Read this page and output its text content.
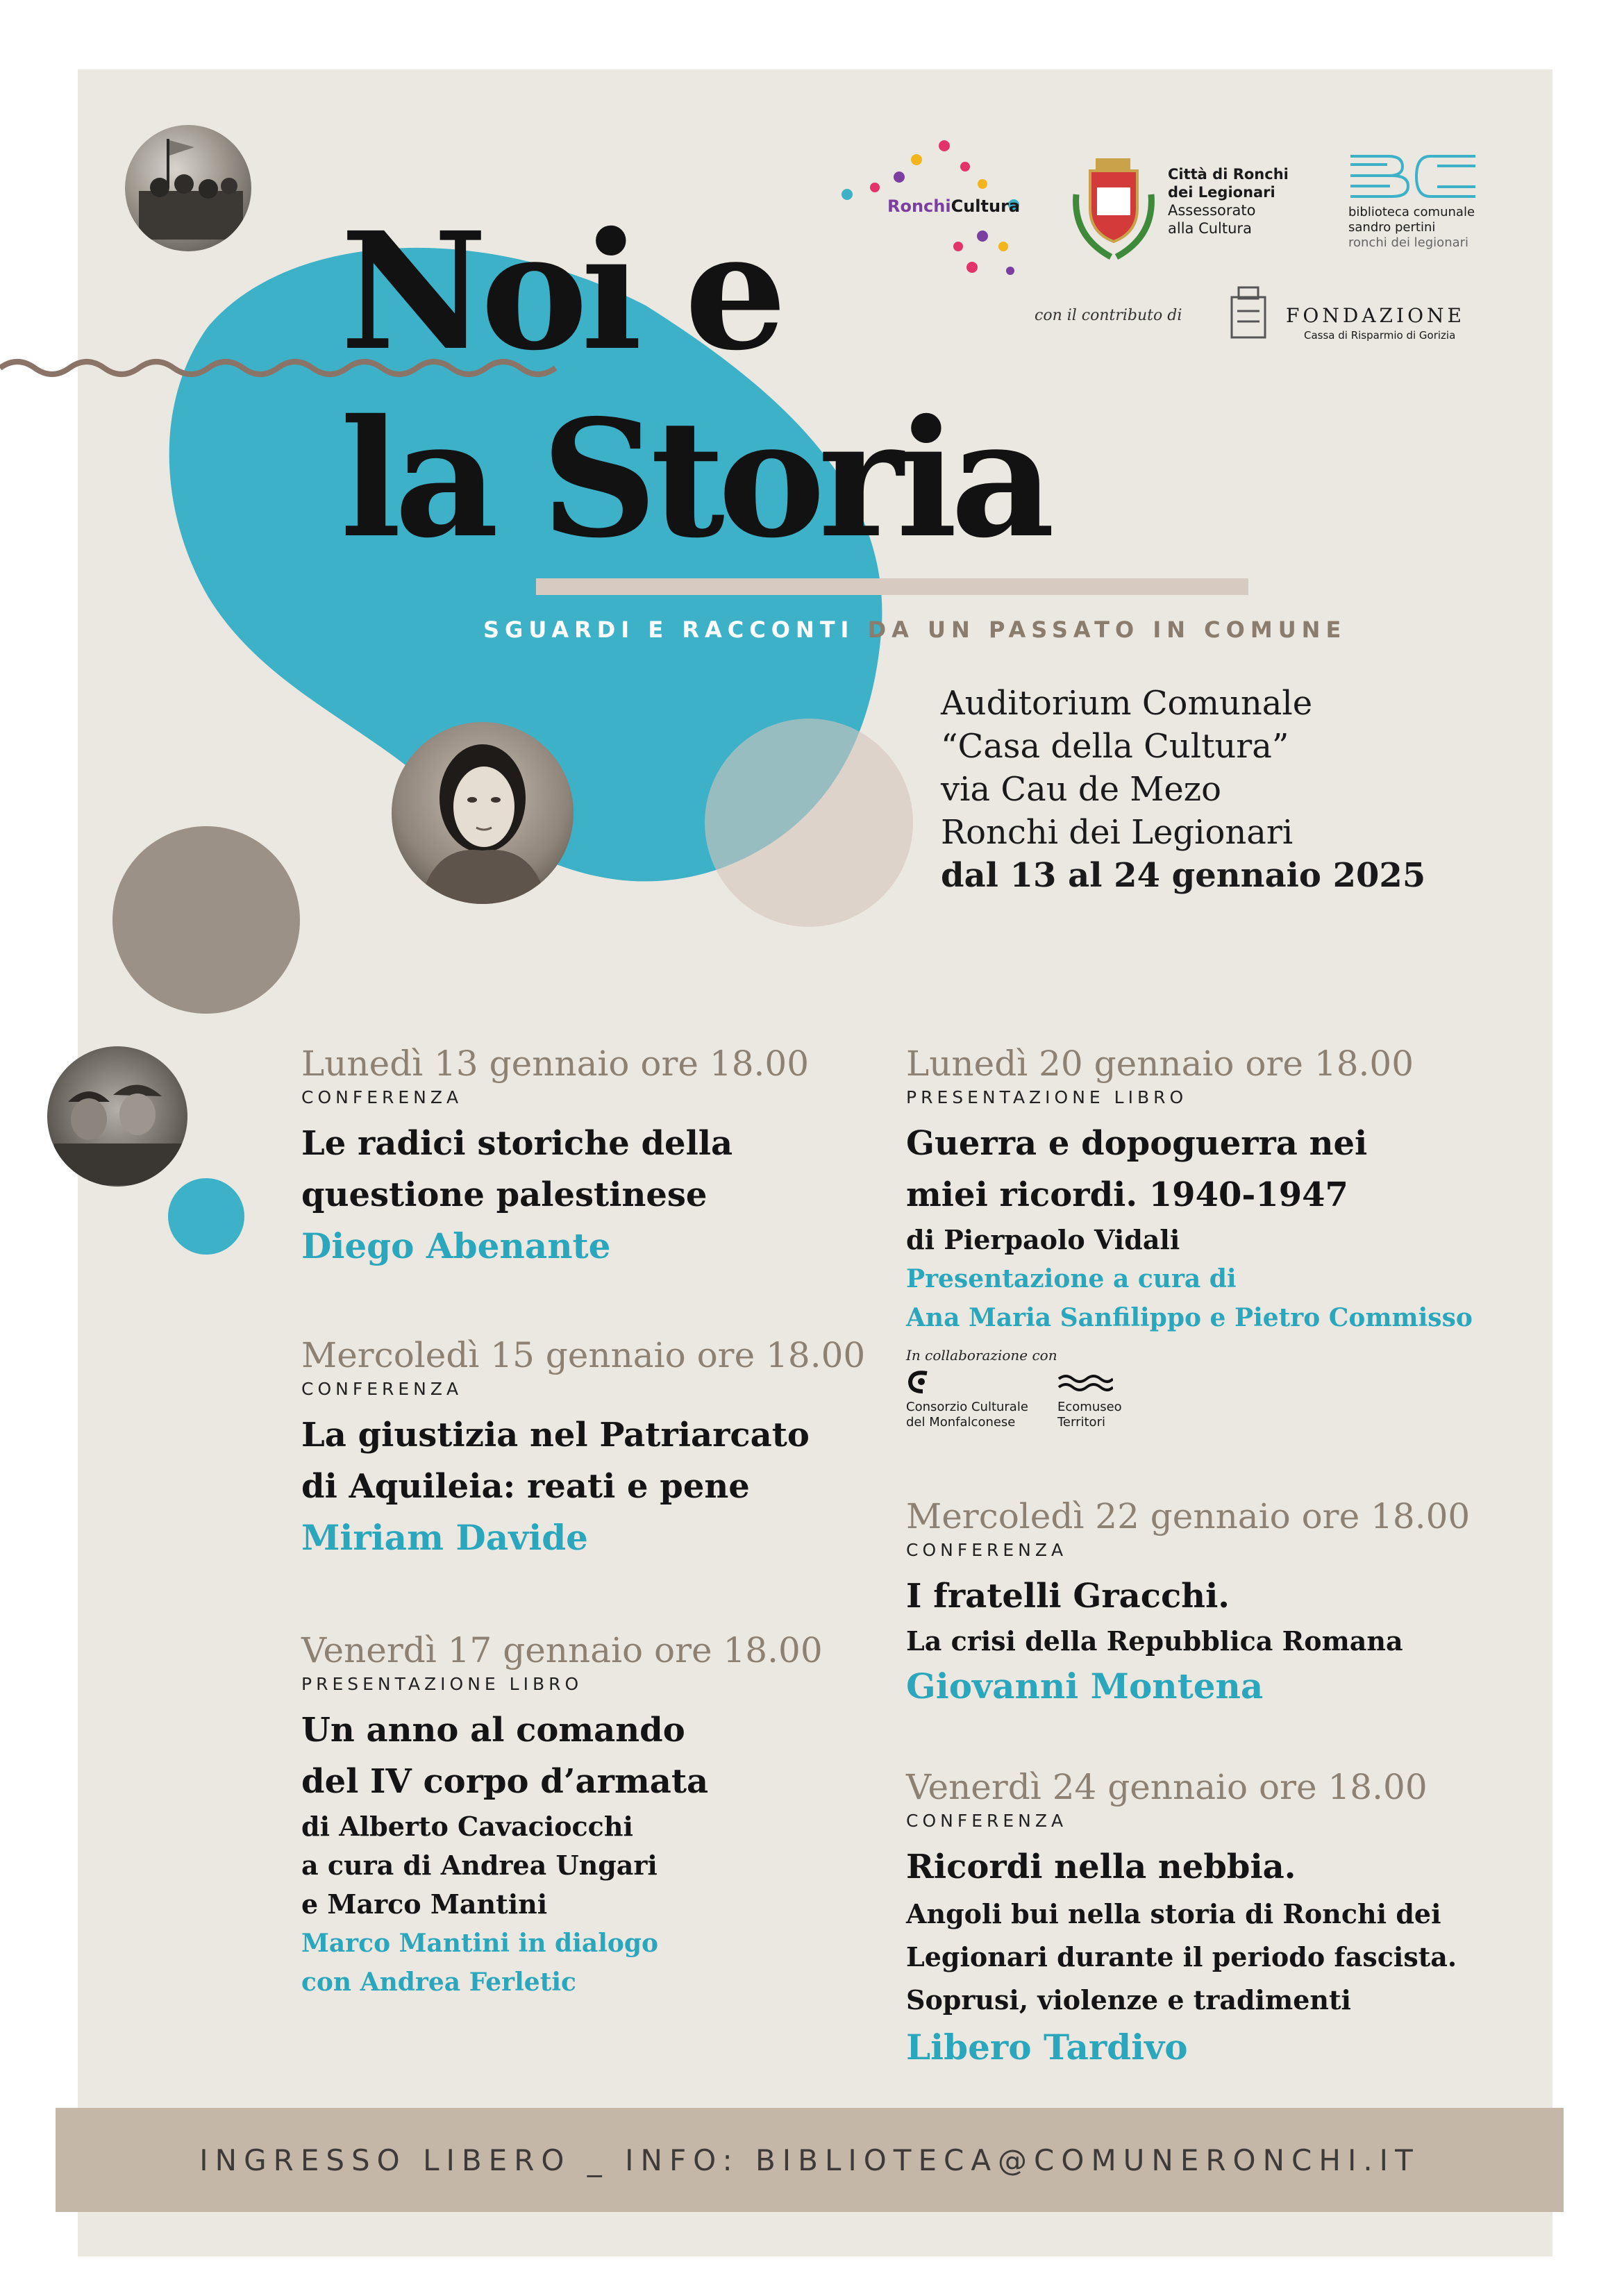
Noi e
la Storia
SGUARDI E RACCONTI DA UN PASSATO IN COMUNE
RonchiCultura
Città di Ronchi
dei Legionari
Assessorato
alla Cultura
biblioteca comunale
sandro pertini
ronchi dei legionari
con il contributo di	FONDAZIONE
Cassa di Risparmio di Gorizia
Auditorium Comunale
“Casa della Cultura”
via Cau de Mezo
Ronchi dei Legionari
dal 13 al 24 gennaio 2025
Lunedì 13 gennaio ore 18.00
CONFERENZA
Le radici storiche della
questione palestinese
Diego Abenante
Mercoledì 15 gennaio ore 18.00
CONFERENZA
La giustizia nel Patriarcato
di Aquileia: reati e pene
Miriam Davide
Venerdì 17 gennaio ore 18.00
PRESENTAZIONE LIBRO
Un anno al comando
del IV corpo d’armata
di Alberto Cavaciocchi
a cura di Andrea Ungari
e Marco Mantini
Marco Mantini in dialogo
con Andrea Ferletic
Lunedì 20 gennaio ore 18.00
PRESENTAZIONE LIBRO
Guerra e dopoguerra nei
miei ricordi. 1940-1947
di Pierpaolo Vidali
Presentazione a cura di
Ana Maria Sanfilippo e Pietro Commisso
In collaborazione con
Consorzio Culturale
del Monfalconese
Ecomuseo
Territori
Mercoledì 22 gennaio ore 18.00
CONFERENZA
I fratelli Gracchi.
La crisi della Repubblica Romana
Giovanni Montena
Venerdì 24 gennaio ore 18.00
CONFERENZA
Ricordi nella nebbia.
Angoli bui nella storia di Ronchi dei
Legionari durante il periodo fascista.
Soprusi, violenze e tradimenti
Libero Tardivo
INGRESSO LIBERO _ INFO: BIBLIOTECA@COMUNERONCHI.IT
